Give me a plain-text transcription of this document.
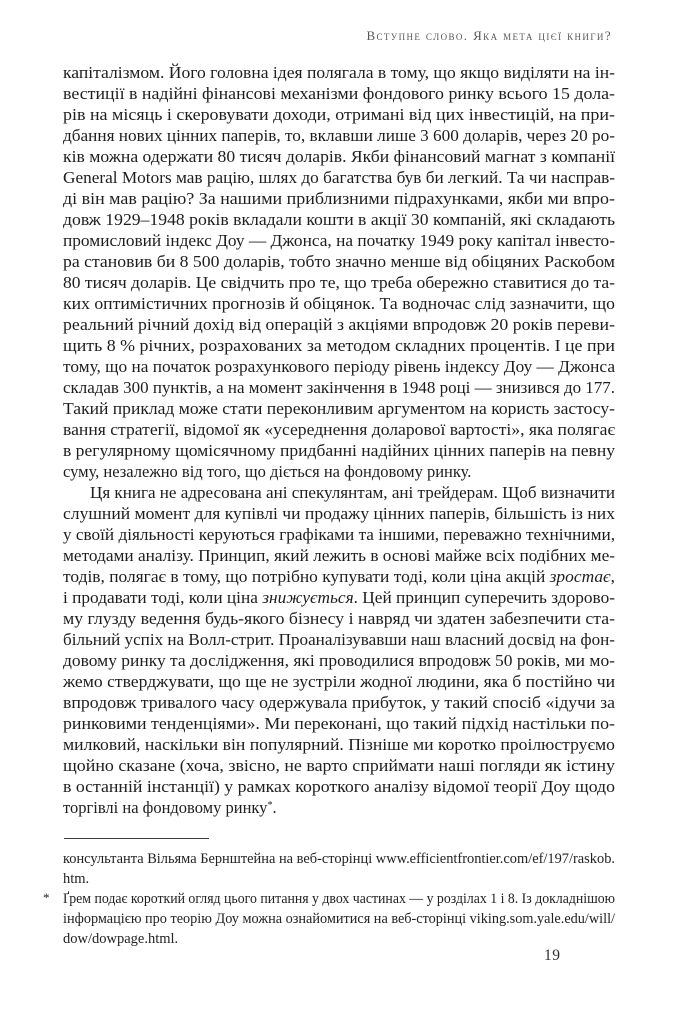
Вступне слово. Яка мета цієї книги?
капіталізмом. Його головна ідея полягала в тому, що якщо виділяти на ін-
вестиції в надійні фінансові механізми фондового ринку всього 15 дола-
рів на місяць і скеровувати доходи, отримані від цих інвестицій, на при-
дбання нових цінних паперів, то, вклавши лише 3 600 доларів, через 20 ро-
ків можна одержати 80 тисяч доларів. Якби фінансовий магнат з компанії
General Motors мав рацію, шлях до багатства був би легкий. Та чи насправ-
ді він мав рацію? За нашими приблизними підрахунками, якби ми впро-
довж 1929–1948 років вкладали кошти в акції 30 компаній, які складають
промисловий індекс Доу — Джонса, на початку 1949 року капітал інвесто-
ра становив би 8 500 доларів, тобто значно менше від обіцяних Раскобом
80 тисяч доларів. Це свідчить про те, що треба обережно ставитися до та-
ких оптимістичних прогнозів й обіцянок. Та водночас слід зазначити, що
реальний річний дохід від операцій з акціями впродовж 20 років переви-
щить 8 % річних, розрахованих за методом складних процентів. І це при
тому, що на початок розрахункового періоду рівень індексу Доу — Джонса
складав 300 пунктів, а на момент закінчення в 1948 році — знизився до 177.
Такий приклад може стати переконливим аргументом на користь застосу-
вання стратегії, відомої як «усереднення доларової вартості», яка полягає
в регулярному щомісячному придбанні надійних цінних паперів на певну
суму, незалежно від того, що діється на фондовому ринку.
Ця книга не адресована ані спекулянтам, ані трейдерам. Щоб визначити
слушний момент для купівлі чи продажу цінних паперів, більшість із них
у своїй діяльності керуються графіками та іншими, переважно технічними,
методами аналізу. Принцип, який лежить в основі майже всіх подібних ме-
тодів, полягає в тому, що потрібно купувати тоді, коли ціна акцій зростає,
і продавати тоді, коли ціна знижується. Цей принцип суперечить здорово-
му глузду ведення будь-якого бізнесу і навряд чи здатен забезпечити ста-
більний успіх на Волл-стрит. Проаналізувавши наш власний досвід на фон-
довому ринку та дослідження, які проводилися впродовж 50 років, ми мо-
жемо стверджувати, що ще не зустріли жодної людини, яка б постійно чи
впродовж тривалого часу одержувала прибуток, у такий спосіб «ідучи за
ринковими тенденціями». Ми переконані, що такий підхід настільки по-
милковий, наскільки він популярний. Пізніше ми коротко проілюструємо
щойно сказане (хоча, звісно, не варто сприймати наші погляди як істину
в останній інстанції) у рамках короткого аналізу відомої теорії Доу щодо
торгівлі на фондовому ринку*.
консультанта Вільяма Бернштейна на веб-сторінці www.efficientfrontier.com/ef/197/raskob.
htm.
Ґрем подає короткий огляд цього питання у двох частинах — у розділах 1 і 8. Із докладнішою
*
інформацією про теорію Доу можна ознайомитися на веб-сторінці viking.som.yale.edu/will/
dow/dowpage.html.
19
